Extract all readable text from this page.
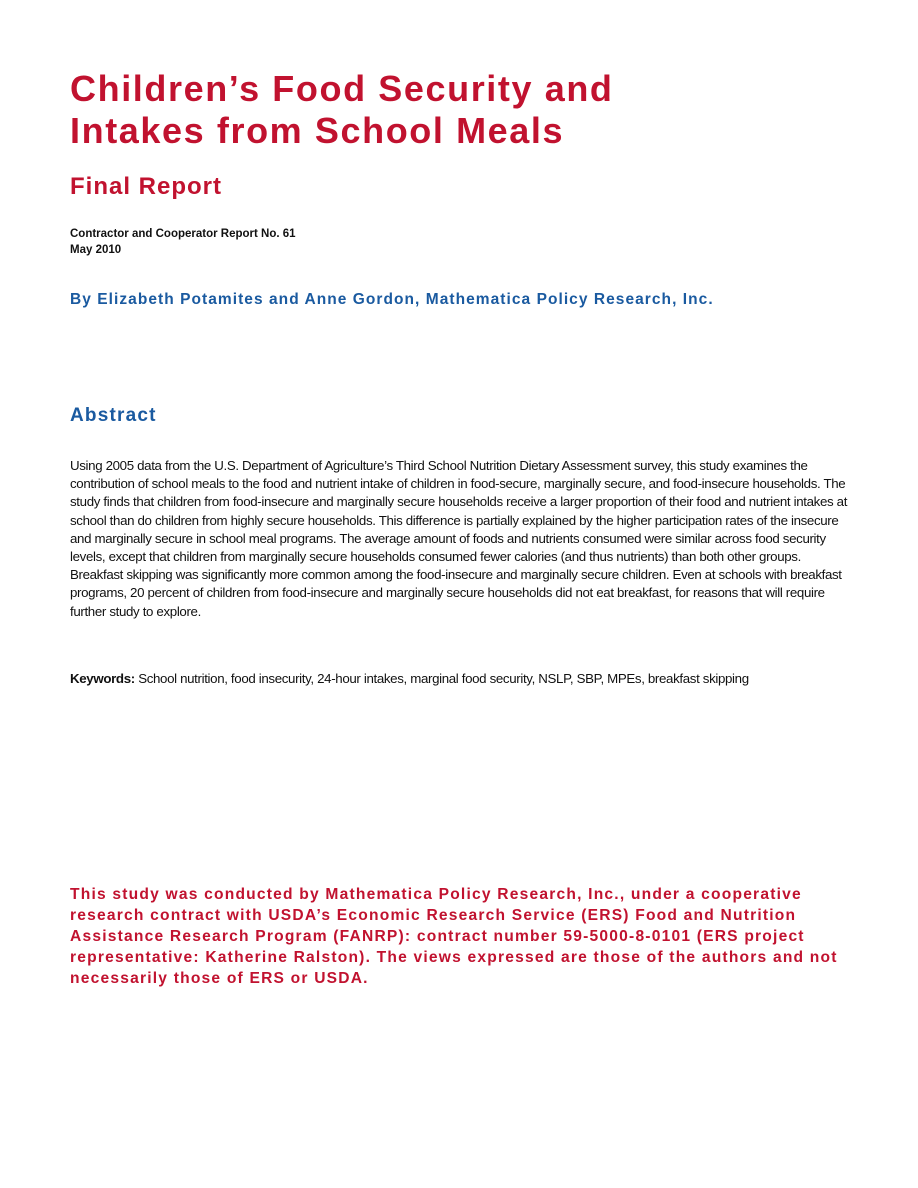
Children’s Food Security and
Intakes from School Meals
Final Report
Contractor and Cooperator Report No. 61
May 2010
By Elizabeth Potamites and Anne Gordon, Mathematica Policy Research, Inc.
Abstract

Using 2005 data from the U.S. Department of Agriculture’s Third School Nutrition Dietary Assessment survey, this study examines the contribution of school meals to the food and nutrient intake of children in food-secure, marginally secure, and food-insecure households. The study finds that children from food-insecure and marginally secure households receive a larger proportion of their food and nutrient intakes at school than do children from highly secure households. This difference is partially explained by the higher participation rates of the insecure and marginally secure in school meal programs. The average amount of foods and nutrients consumed were similar across food security levels, except that children from marginally secure households consumed fewer calories (and thus nutrients) than both other groups. Breakfast skipping was significantly more common among the food-insecure and marginally secure children. Even at schools with breakfast programs, 20 percent of children from food-insecure and marginally secure households did not eat breakfast, for reasons that will require further study to explore.

Keywords: School nutrition, food insecurity, 24-hour intakes, marginal food security, NSLP, SBP, MPEs, breakfast skipping

This study was conducted by Mathematica Policy Research, Inc., under a cooperative research contract with USDA’s Economic Research Service (ERS) Food and Nutrition Assistance Research Program (FANRP): contract number 59-5000-8-0101 (ERS project representative: Katherine Ralston). The views expressed are those of the authors and not necessarily those of ERS or USDA.
